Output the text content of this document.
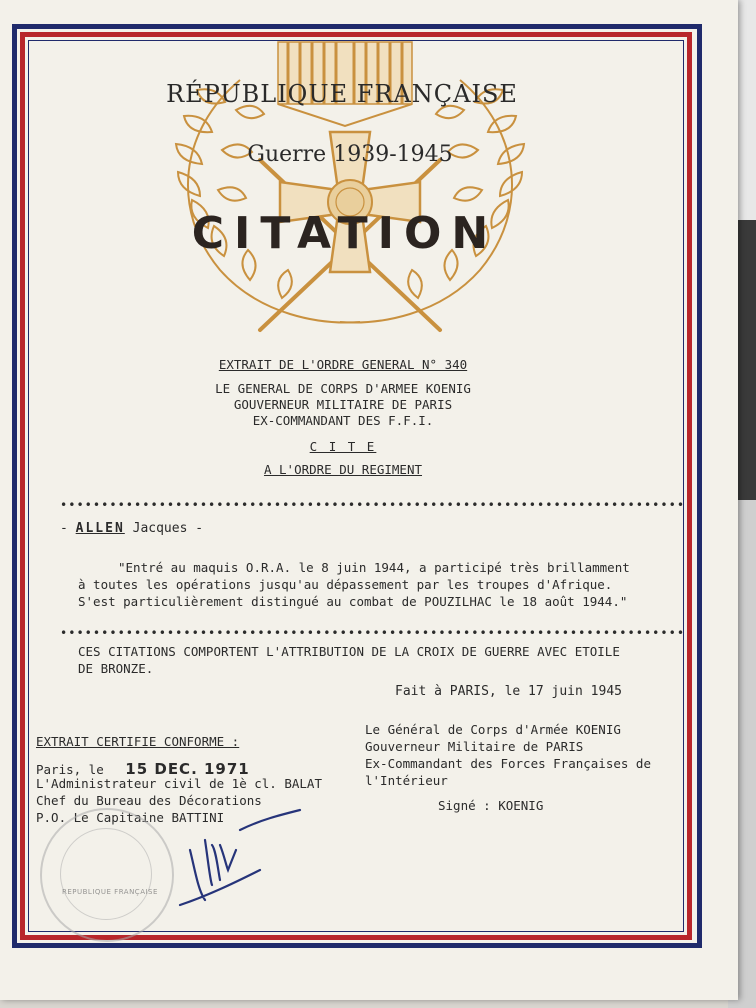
RÉPUBLIQUE FRANÇAISE
Guerre 1939-1945
CITATION
EXTRAIT DE L'ORDRE GENERAL N° 340
LE GENERAL DE CORPS D'ARMEE KOENIG
GOUVERNEUR MILITAIRE DE PARIS
EX-COMMANDANT DES F.F.I.
C I T E
A L'ORDRE DU REGIMENT
••••••••••••••••••••••••••••••••••••••••••••••••••••••••••••••••••••••••••••
- ALLEN Jacques -
"Entré au maquis O.R.A. le 8 juin 1944, a participé très brillamment
à toutes les opérations jusqu'au dépassement par les troupes d'Afrique.
S'est particulièrement distingué au combat de POUZILHAC le 18 août 1944."
••••••••••••••••••••••••••••••••••••••••••••••••••••••••••••••••••••••••••••
CES CITATIONS COMPORTENT L'ATTRIBUTION DE LA CROIX DE GUERRE AVEC ETOILE
DE BRONZE.
Fait à PARIS, le 17 juin 1945
EXTRAIT CERTIFIE CONFORME :
Paris, le 15 DEC. 1971
L'Administrateur civil de 1è cl. BALAT
Chef du Bureau des Décorations
P.O. Le Capitaine BATTINI
Le Général de Corps d'Armée KOENIG
Gouverneur Militaire de PARIS
Ex-Commandant des Forces Françaises de
l'Intérieur
Signé : KOENIG
REPUBLIQUE FRANÇAISE
